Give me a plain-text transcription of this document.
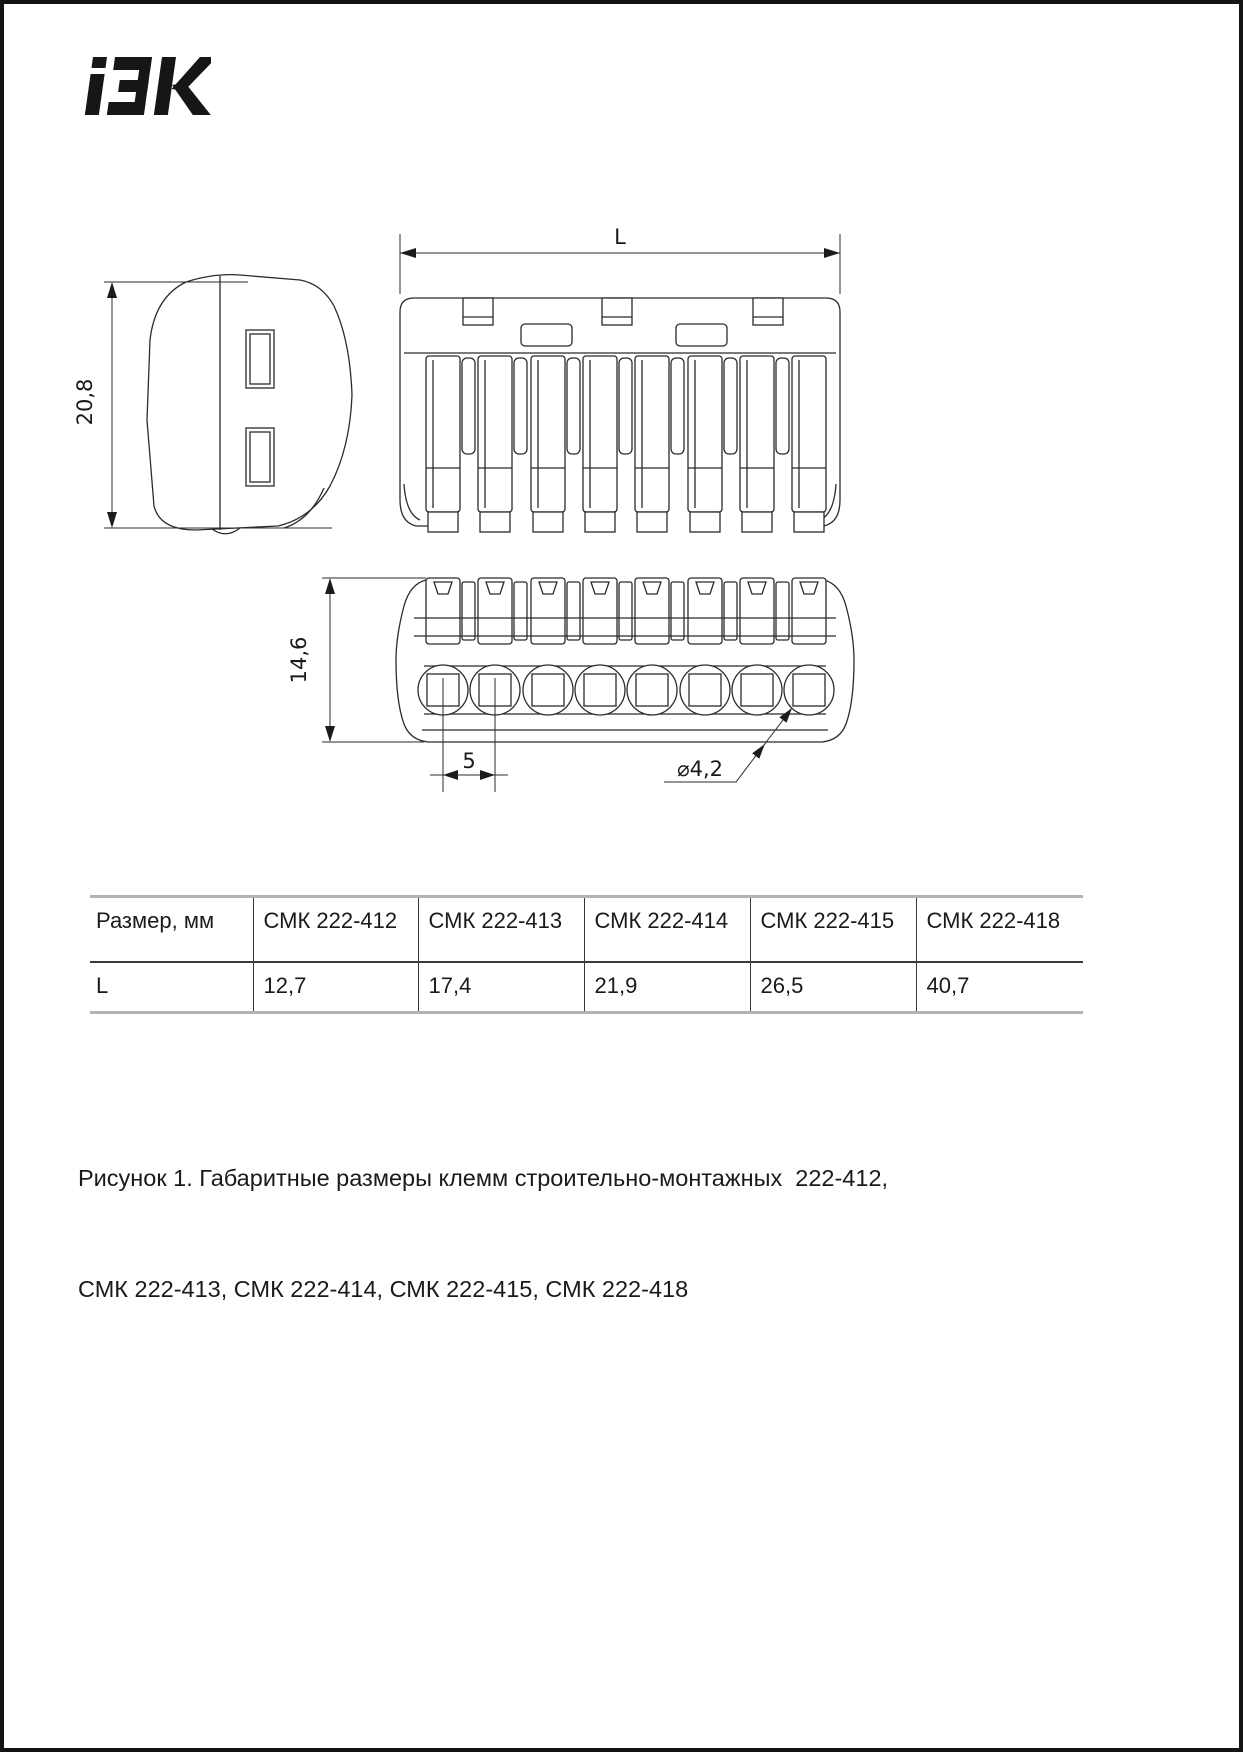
20,8
L
14,6
5	⌀4,2
Размер, мм	СМК 222-412	СМК 222-413	СМК 222-414	СМК 222-415	СМК 222-418
L	12,7	17,4	21,9	26,5	40,7

Рисунок 1. Габаритные размеры клемм строительно-монтажных  222-412,

СМК 222-413, СМК 222-414, СМК 222-415, СМК 222-418
